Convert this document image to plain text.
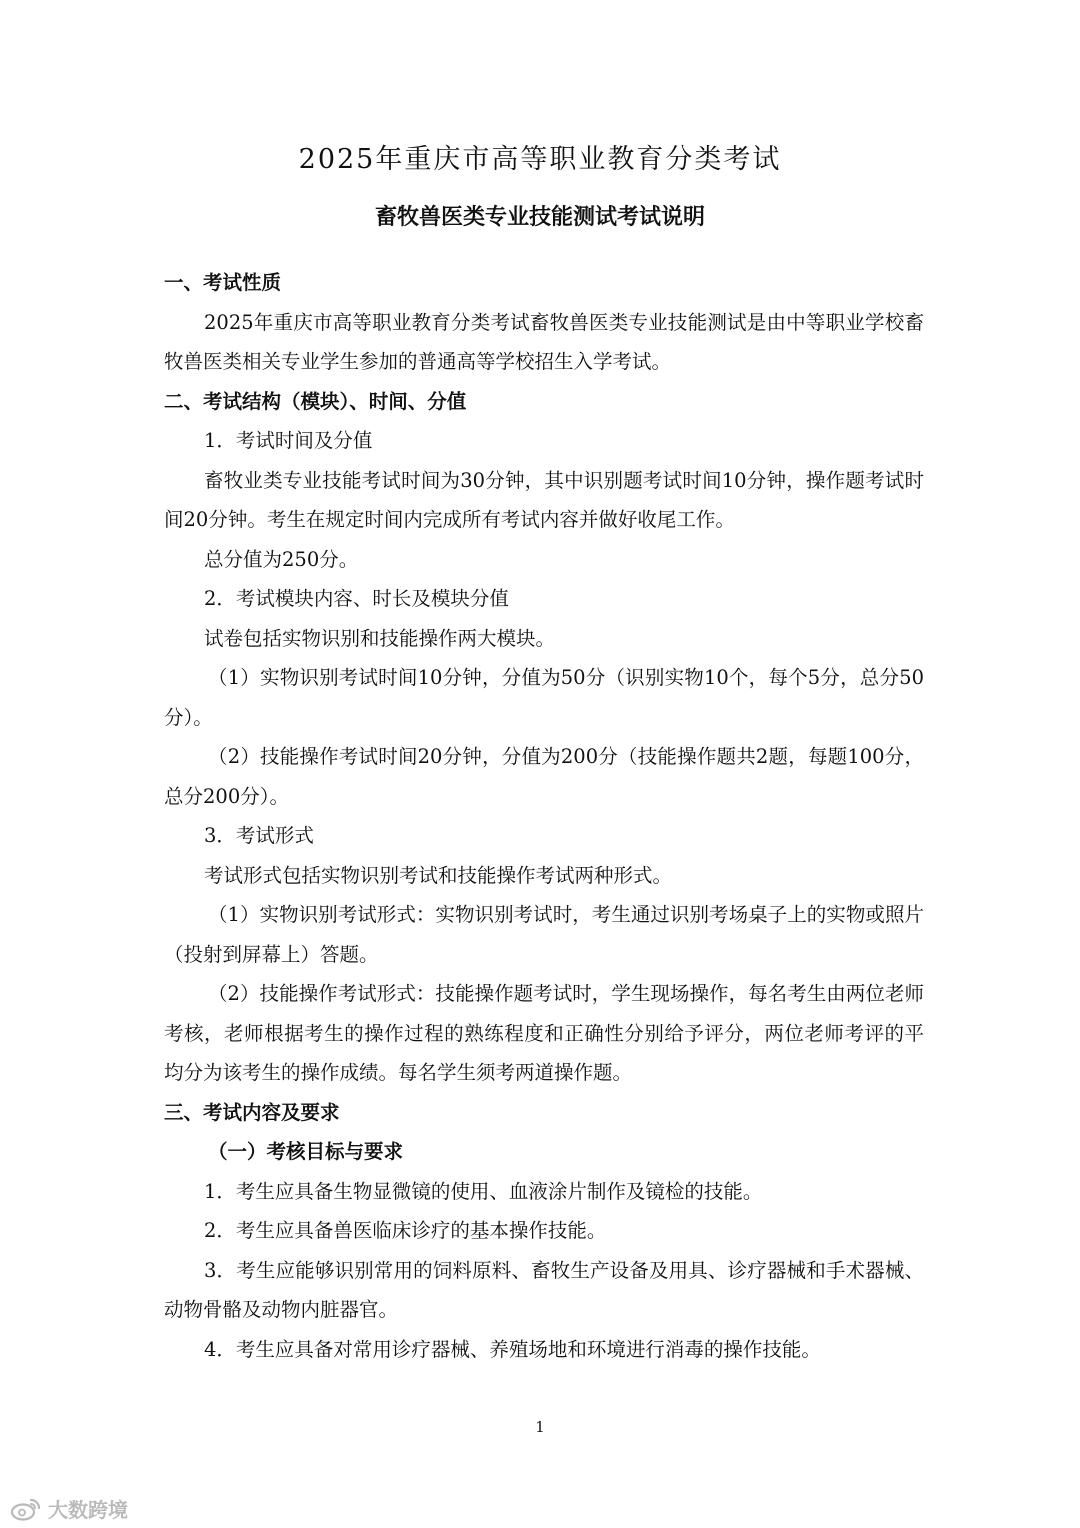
2025年重庆市高等职业教育分类考试
畜牧兽医类专业技能测试考试说明

一、考试性质

2025年重庆市高等职业教育分类考试畜牧兽医类专业技能测试是由中等职业学校畜牧兽医类相关专业学生参加的普通高等学校招生入学考试。

二、考试结构（模块）、时间、分值

1．考试时间及分值

畜牧业类专业技能考试时间为30分钟，其中识别题考试时间10分钟，操作题考试时间20分钟。考生在规定时间内完成所有考试内容并做好收尾工作。

总分值为250分。

2．考试模块内容、时长及模块分值

试卷包括实物识别和技能操作两大模块。

（1）实物识别考试时间10分钟，分值为50分（识别实物10个，每个5分，总分50分）。

（2）技能操作考试时间20分钟，分值为200分（技能操作题共2题，每题100分，总分200分）。

3．考试形式

考试形式包括实物识别考试和技能操作考试两种形式。

（1）实物识别考试形式：实物识别考试时，考生通过识别考场桌子上的实物或照片（投射到屏幕上）答题。

（2）技能操作考试形式：技能操作题考试时，学生现场操作，每名考生由两位老师考核，老师根据考生的操作过程的熟练程度和正确性分别给予评分，两位老师考评的平均分为该考生的操作成绩。每名学生须考两道操作题。

三、考试内容及要求

（一）考核目标与要求

1．考生应具备生物显微镜的使用、血液涂片制作及镜检的技能。

2．考生应具备兽医临床诊疗的基本操作技能。

3．考生应能够识别常用的饲料原料、畜牧生产设备及用具、诊疗器械和手术器械、动物骨骼及动物内脏器官。

4．考生应具备对常用诊疗器械、养殖场地和环境进行消毒的操作技能。

1
大数跨境
